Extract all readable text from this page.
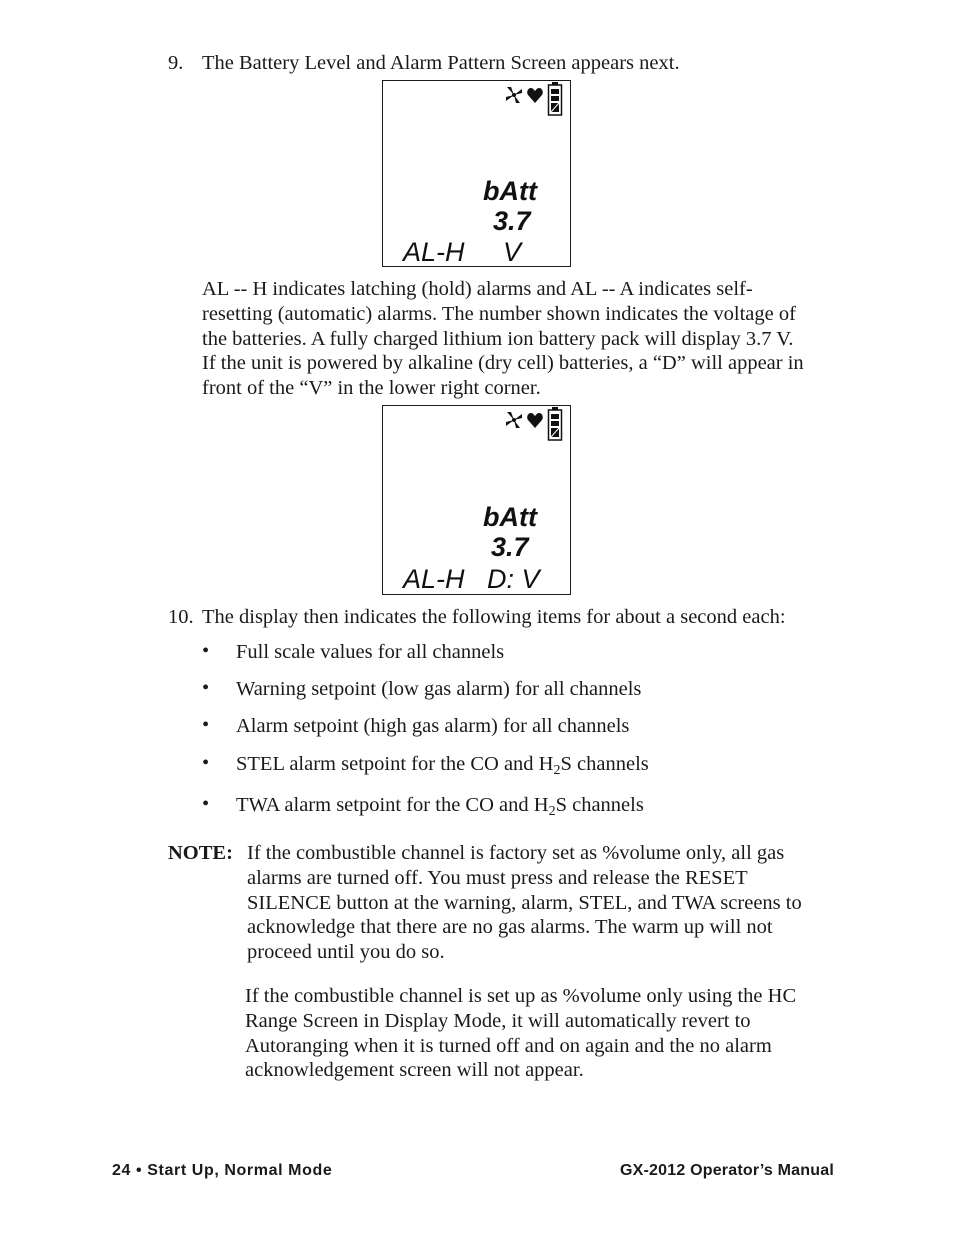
9. The Battery Level and Alarm Pattern Screen appears next.
bAtt
3.7
AL-H V
AL -- H indicates latching (hold) alarms and AL -- A indicates self-
resetting (automatic) alarms. The number shown indicates the voltage of
the batteries. A fully charged lithium ion battery pack will display 3.7 V.
If the unit is powered by alkaline (dry cell) batteries, a “D” will appear in
front of the “V” in the lower right corner.
bAtt
3.7
AL-H D: V
10. The display then indicates the following items for about a second each:
• Full scale values for all channels
• Warning setpoint (low gas alarm) for all channels
• Alarm setpoint (high gas alarm) for all channels
• STEL alarm setpoint for the CO and $H_2S$ channels
• TWA alarm setpoint for the CO and $H_2S$ channels
NOTE: If the combustible channel is factory set as %volume only, all gas
alarms are turned off. You must press and release the RESET
SILENCE button at the warning, alarm, STEL, and TWA screens to
acknowledge that there are no gas alarms. The warm up will not
proceed until you do so.
If the combustible channel is set up as %volume only using the HC
Range Screen in Display Mode, it will automatically revert to
Autoranging when it is turned off and on again and the no alarm
acknowledgement screen will not appear.
24 • Start Up, Normal Mode	GX-2012 Operator’s Manual
